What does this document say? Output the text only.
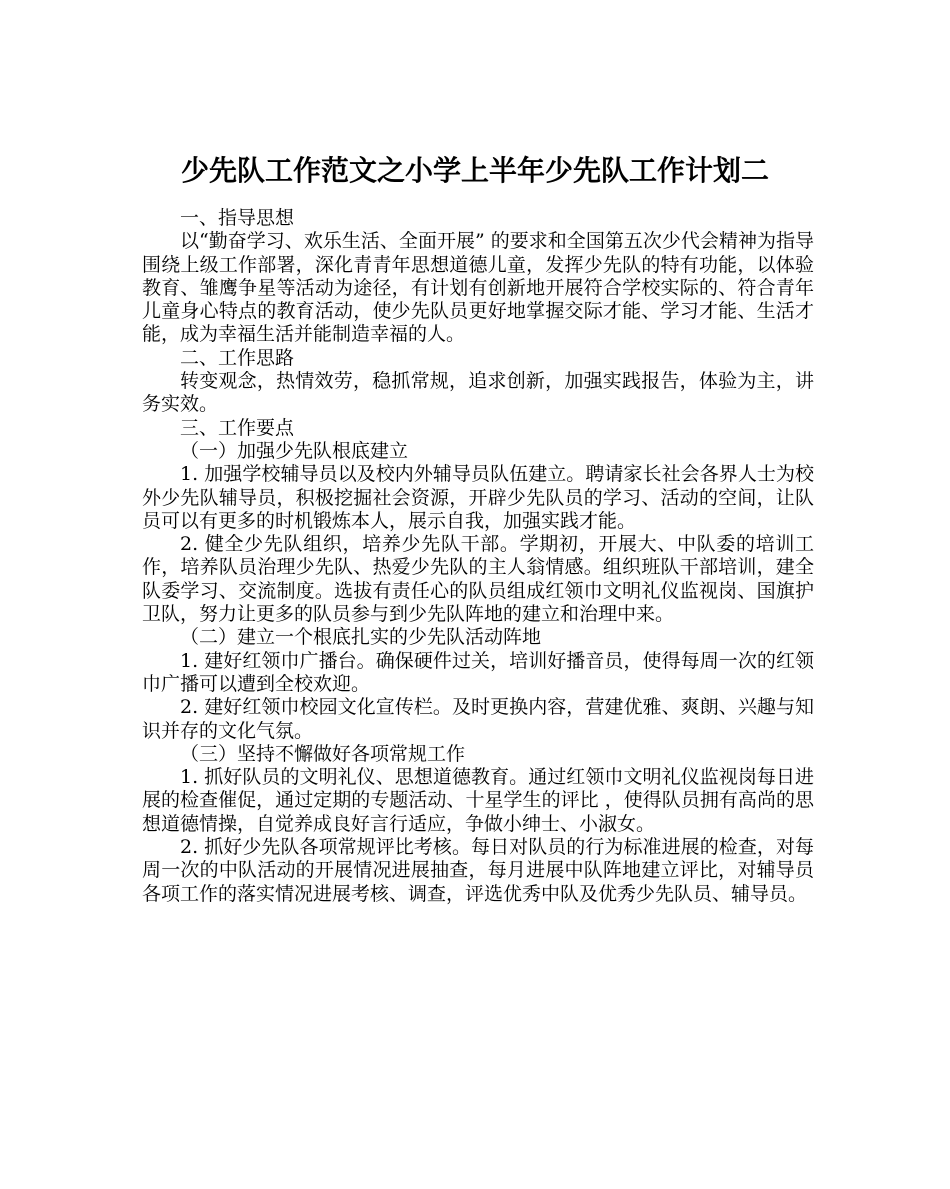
少先队工作范文之小学上半年少先队工作计划二

一、指导思想

以“勤奋学习、欢乐生活、全面开展” 的要求和全国第五次少代会精神为指导围绕上级工作部署，深化青青年思想道德儿童，发挥少先队的特有功能，以体验教育、雏鹰争星等活动为途径，有计划有创新地开展符合学校实际的、符合青年儿童身心特点的教育活动，使少先队员更好地掌握交际才能、学习才能、生活才能，成为幸福生活并能制造幸福的人。

二、工作思路

转变观念，热情效劳，稳抓常规，追求创新，加强实践报告，体验为主，讲务实效。

三、工作要点

（一）加强少先队根底建立

1. 加强学校辅导员以及校内外辅导员队伍建立。聘请家长社会各界人士为校外少先队辅导员，积极挖掘社会资源，开辟少先队员的学习、活动的空间，让队员可以有更多的时机锻炼本人，展示自我，加强实践才能。

2. 健全少先队组织，培养少先队干部。学期初，开展大、中队委的培训工作，培养队员治理少先队、热爱少先队的主人翁情感。组织班队干部培训，建全队委学习、交流制度。选拔有责任心的队员组成红领巾文明礼仪监视岗、国旗护卫队，努力让更多的队员参与到少先队阵地的建立和治理中来。

（二）建立一个根底扎实的少先队活动阵地

1. 建好红领巾广播台。确保硬件过关，培训好播音员，使得每周一次的红领巾广播可以遭到全校欢迎。

2. 建好红领巾校园文化宣传栏。及时更换内容，营建优雅、爽朗、兴趣与知识并存的文化气氛。

（三）坚持不懈做好各项常规工作

1. 抓好队员的文明礼仪、思想道德教育。通过红领巾文明礼仪监视岗每日进展的检查催促，通过定期的专题活动、十星学生的评比 ，使得队员拥有高尚的思想道德情操，自觉养成良好言行适应，争做小绅士、小淑女。

2. 抓好少先队各项常规评比考核。每日对队员的行为标准进展的检查，对每周一次的中队活动的开展情况进展抽查，每月进展中队阵地建立评比，对辅导员各项工作的落实情况进展考核、调查，评选优秀中队及优秀少先队员、辅导员。
